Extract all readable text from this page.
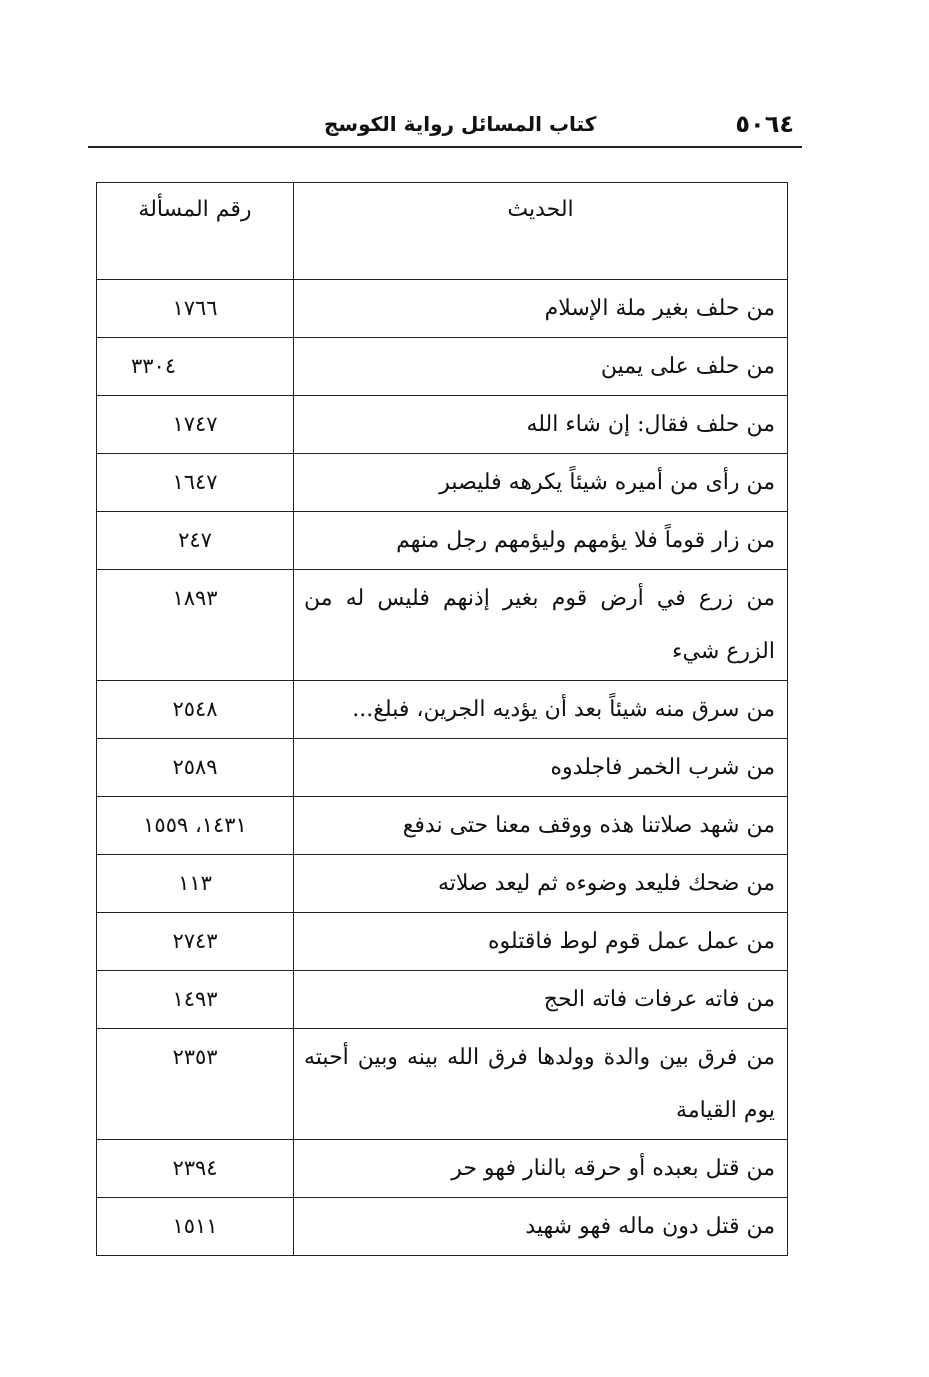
٥٠٦٤
كتاب المسائل رواية الكوسج
الحديث	رقم المسألة
من حلف بغير ملة الإسلام	١٧٦٦
من حلف على يمين	٣٣٠٤
من حلف فقال: إن شاء الله	١٧٤٧
من رأى من أميره شيئاً يكرهه فليصبر	١٦٤٧
من زار قوماً فلا يؤمهم وليؤمهم رجل منهم	٢٤٧
من زرع في أرض قوم بغير إذنهم فليس له من الزرع شيء	١٨٩٣
من سرق منه شيئاً بعد أن يؤديه الجرين، فبلغ...	٢٥٤٨
من شرب الخمر فاجلدوه	٢٥٨٩
من شهد صلاتنا هذه ووقف معنا حتى ندفع	١٤٣١، ١٥٥٩
من ضحك فليعد وضوءه ثم ليعد صلاته	١١٣
من عمل عمل قوم لوط فاقتلوه	٢٧٤٣
من فاته عرفات فاته الحج	١٤٩٣
من فرق بين والدة وولدها فرق الله بينه وبين أحبته يوم القيامة	٢٣٥٣
من قتل بعبده أو حرقه بالنار فهو حر	٢٣٩٤
من قتل دون ماله فهو شهيد	١٥١١
